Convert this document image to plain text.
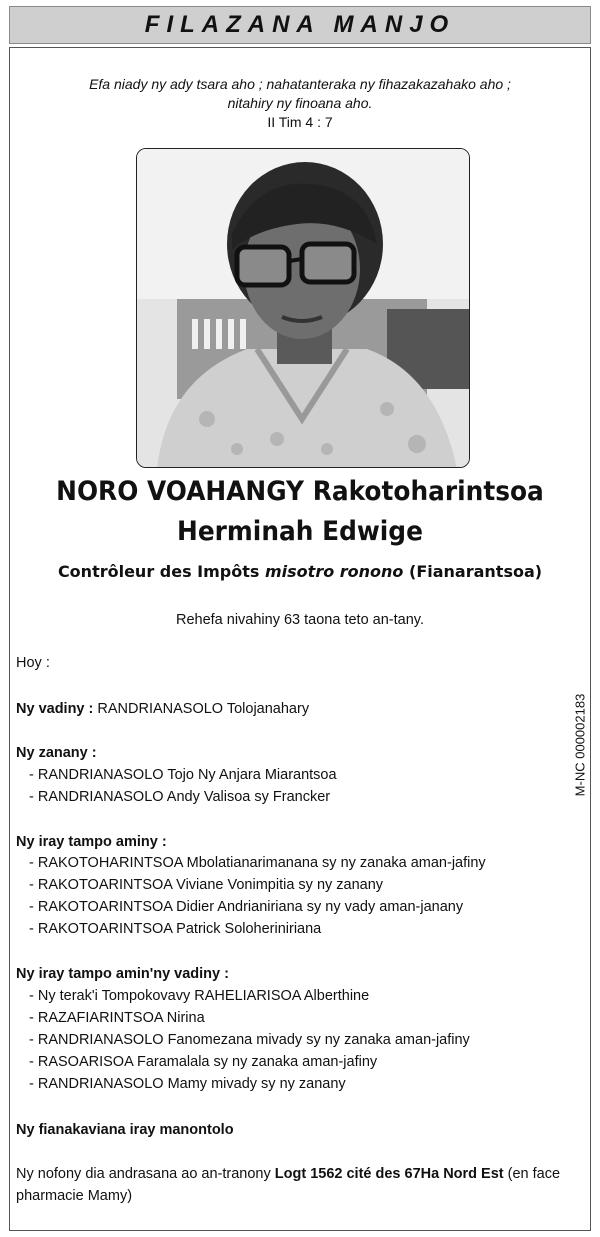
FILAZANA MANJO
Efa niady ny ady tsara aho ; nahatanteraka ny fihazakazahako aho ;
nitahiry ny finoana aho.
II Tim 4 : 7
NORO VOAHANGY Rakotoharintsoa
Herminah Edwige
Contrôleur des Impôts misotro ronono (Fianarantsoa)
Rehefa nivahiny 63 taona teto an-tany.
Hoy :
Ny vadiny : RANDRIANASOLO Tolojanahary
Ny zanany :
- RANDRIANASOLO Tojo Ny Anjara Miarantsoa
- RANDRIANASOLO Andy Valisoa sy Francker
Ny iray tampo aminy :
- RAKOTOHARINTSOA Mbolatianarimanana sy ny zanaka aman-jafiny
- RAKOTOARINTSOA Viviane Vonimpitia sy ny zanany
- RAKOTOARINTSOA Didier Andrianiriana sy ny vady aman-janany
- RAKOTOARINTSOA Patrick Soloheriniriana
Ny iray tampo amin'ny vadiny :
- Ny terak'i Tompokovavy RAHELIARISOA Alberthine
- RAZAFIARINTSOA Nirina
- RANDRIANASOLO Fanomezana mivady sy ny zanaka aman-jafiny
- RASOARISOA Faramalala sy ny zanaka aman-jafiny
- RANDRIANASOLO Mamy mivady sy ny zanany
Ny fianakaviana iray manontolo
Ny nofony dia andrasana ao an-tranony Logt 1562 cité des 67Ha Nord Est (en face pharmacie Mamy)
M-NC 000002183
